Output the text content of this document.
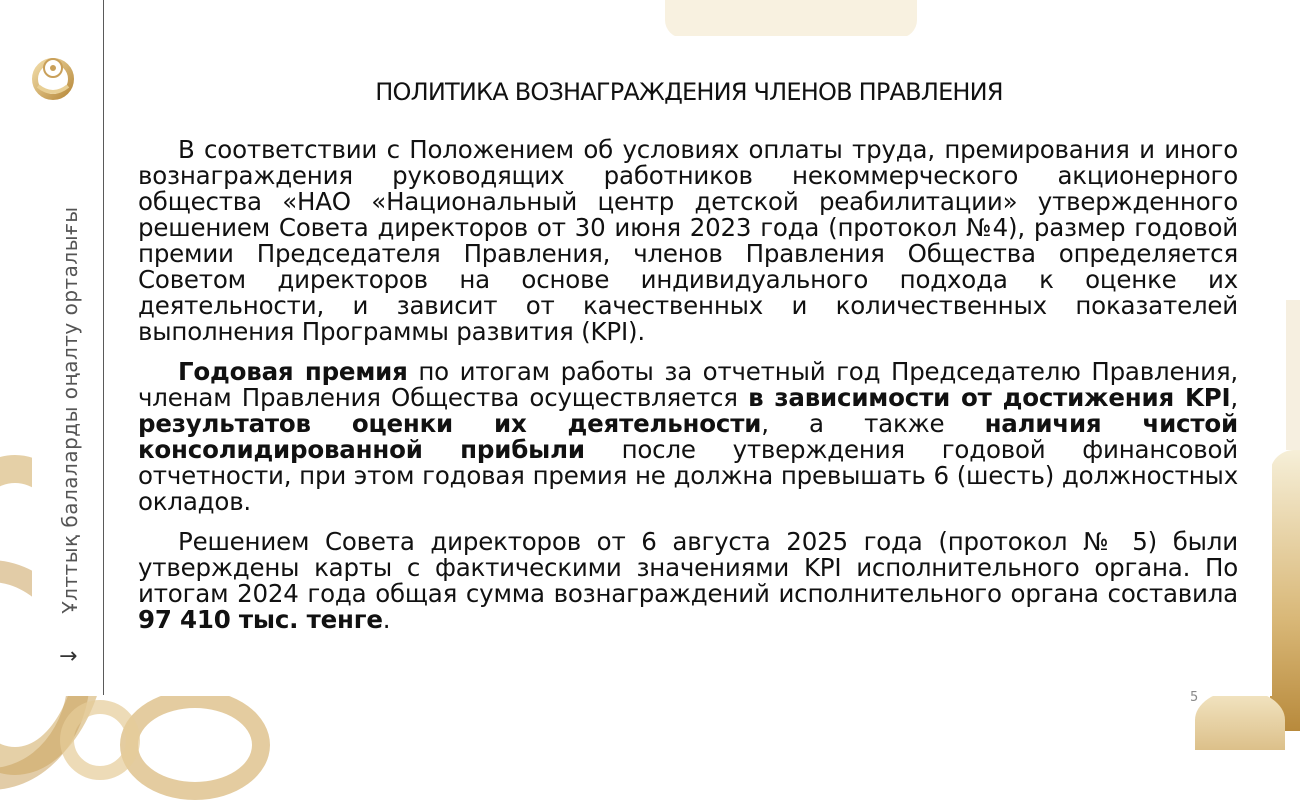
Ұлттық балаларды оңалту орталығы
→
ПОЛИТИКА ВОЗНАГРАЖДЕНИЯ ЧЛЕНОВ ПРАВЛЕНИЯ

В соответствии с Положением об условиях оплаты труда, премирования и иного вознаграждения руководящих работников некоммерческого акционерного общества «НАО «Национальный центр детской реабилитации» утвержденного решением Совета директоров от 30 июня 2023 года (протокол №4), размер годовой премии Председателя Правления, членов Правления Общества определяется Советом директоров на основе индивидуального подхода к оценке их деятельности, и зависит от качественных и количественных показателей выполнения Программы развития (KPI).

Годовая премия по итогам работы за отчетный год Председателю Правления, членам Правления Общества осуществляется в зависимости от достижения KPI, результатов оценки их деятельности, а также наличия чистой консолидированной прибыли после утверждения годовой финансовой отчетности, при этом годовая премия не должна превышать 6 (шесть) должностных окладов.

Решением Совета директоров от 6 августа 2025 года (протокол № 5) были утверждены карты с фактическими значениями KPI исполнительного органа. По итогам 2024 года общая сумма вознаграждений исполнительного органа составила 97 410 тыс. тенге.

5
